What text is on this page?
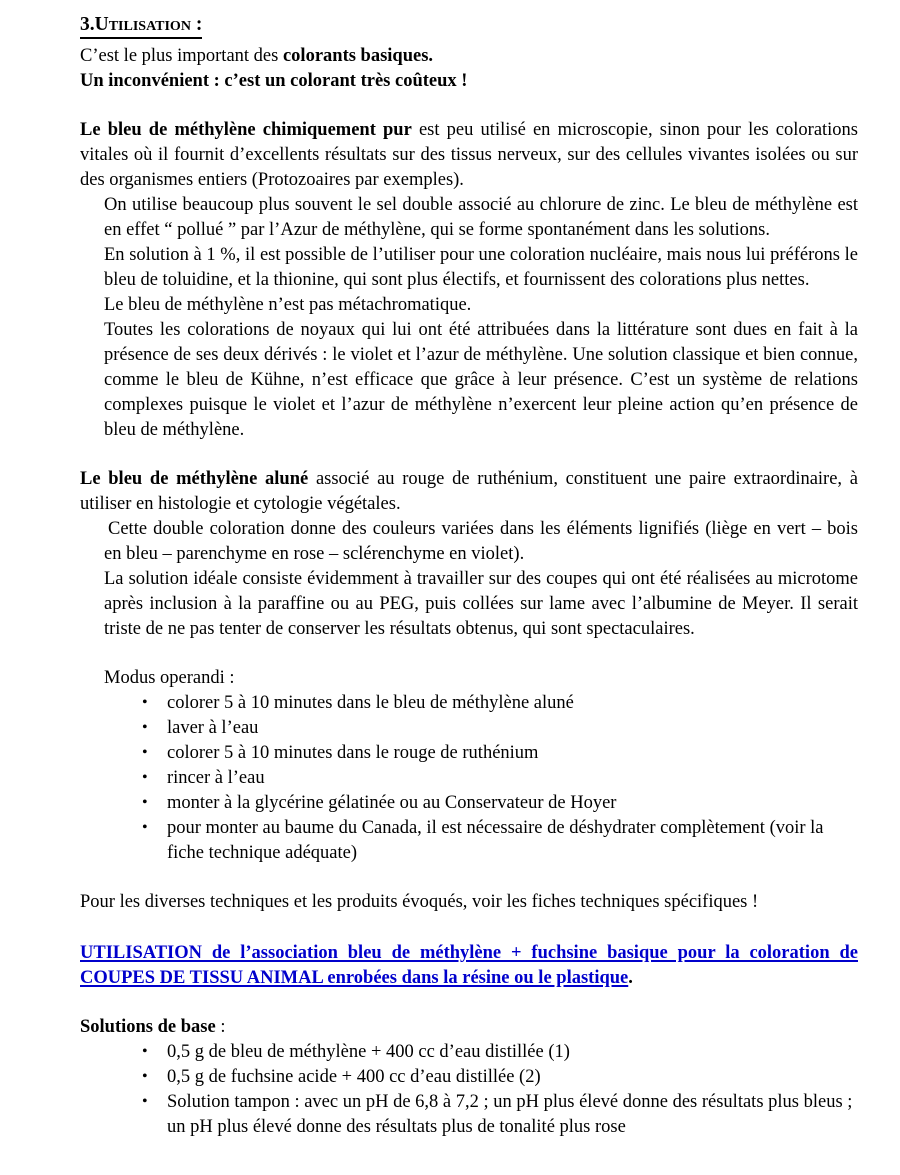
3.Utilisation :

C’est le plus important des colorants basiques.

Un inconvénient : c’est un colorant très coûteux !

Le bleu de méthylène chimiquement pur est peu utilisé en microscopie, sinon pour les colorations vitales où il fournit d’excellents résultats sur des tissus nerveux, sur des cellules vivantes isolées ou sur des organismes entiers (Protozoaires par exemples).

On utilise beaucoup plus souvent le sel double associé au chlorure de zinc. Le bleu de méthylène est en effet “ pollué ” par l’Azur de méthylène, qui se forme spontanément dans les solutions.

En solution à 1 %, il est possible de l’utiliser pour une coloration nucléaire, mais nous lui préférons le bleu de toluidine, et la thionine, qui sont plus électifs, et fournissent des colorations plus nettes.

Le bleu de méthylène n’est pas métachromatique.

Toutes les colorations de noyaux qui lui ont été attribuées dans la littérature sont dues en fait à la présence de ses deux dérivés : le violet et l’azur de méthylène. Une solution classique et bien connue, comme le bleu de Kühne, n’est efficace que grâce à leur présence. C’est un système de relations complexes puisque le violet et l’azur de méthylène n’exercent leur pleine action qu’en présence de bleu de méthylène.

Le bleu de méthylène aluné associé au rouge de ruthénium, constituent une paire extraordinaire, à utiliser en histologie et cytologie végétales.

Cette double coloration donne des couleurs variées dans les éléments lignifiés (liège en vert – bois en bleu – parenchyme en rose – sclérenchyme en violet).

La solution idéale consiste évidemment à travailler sur des coupes qui ont été réalisées au microtome après inclusion à la paraffine ou au PEG, puis collées sur lame avec l’albumine de Meyer. Il serait triste de ne pas tenter de conserver les résultats obtenus, qui sont spectaculaires.

Modus operandi :

• colorer 5 à 10 minutes dans le bleu de méthylène aluné
• laver à l’eau
• colorer 5 à 10 minutes dans le rouge de ruthénium
• rincer à l’eau
• monter à la glycérine gélatinée ou au Conservateur de Hoyer
• pour monter au baume du Canada, il est nécessaire de déshydrater complètement (voir la fiche technique adéquate)

Pour les diverses techniques et les produits évoqués, voir les fiches techniques spécifiques !

UTILISATION de l’association bleu de méthylène + fuchsine basique pour la coloration de COUPES DE TISSU ANIMAL enrobées dans la résine ou le plastique.

Solutions de base :

• 0,5 g de bleu de méthylène + 400 cc d’eau distillée (1)
• 0,5 g de fuchsine acide + 400 cc d’eau distillée (2)
• Solution tampon : avec un pH de 6,8 à 7,2 ; un pH plus élevé donne des résultats plus bleus ; un pH plus élevé donne des résultats plus de tonalité plus rose
